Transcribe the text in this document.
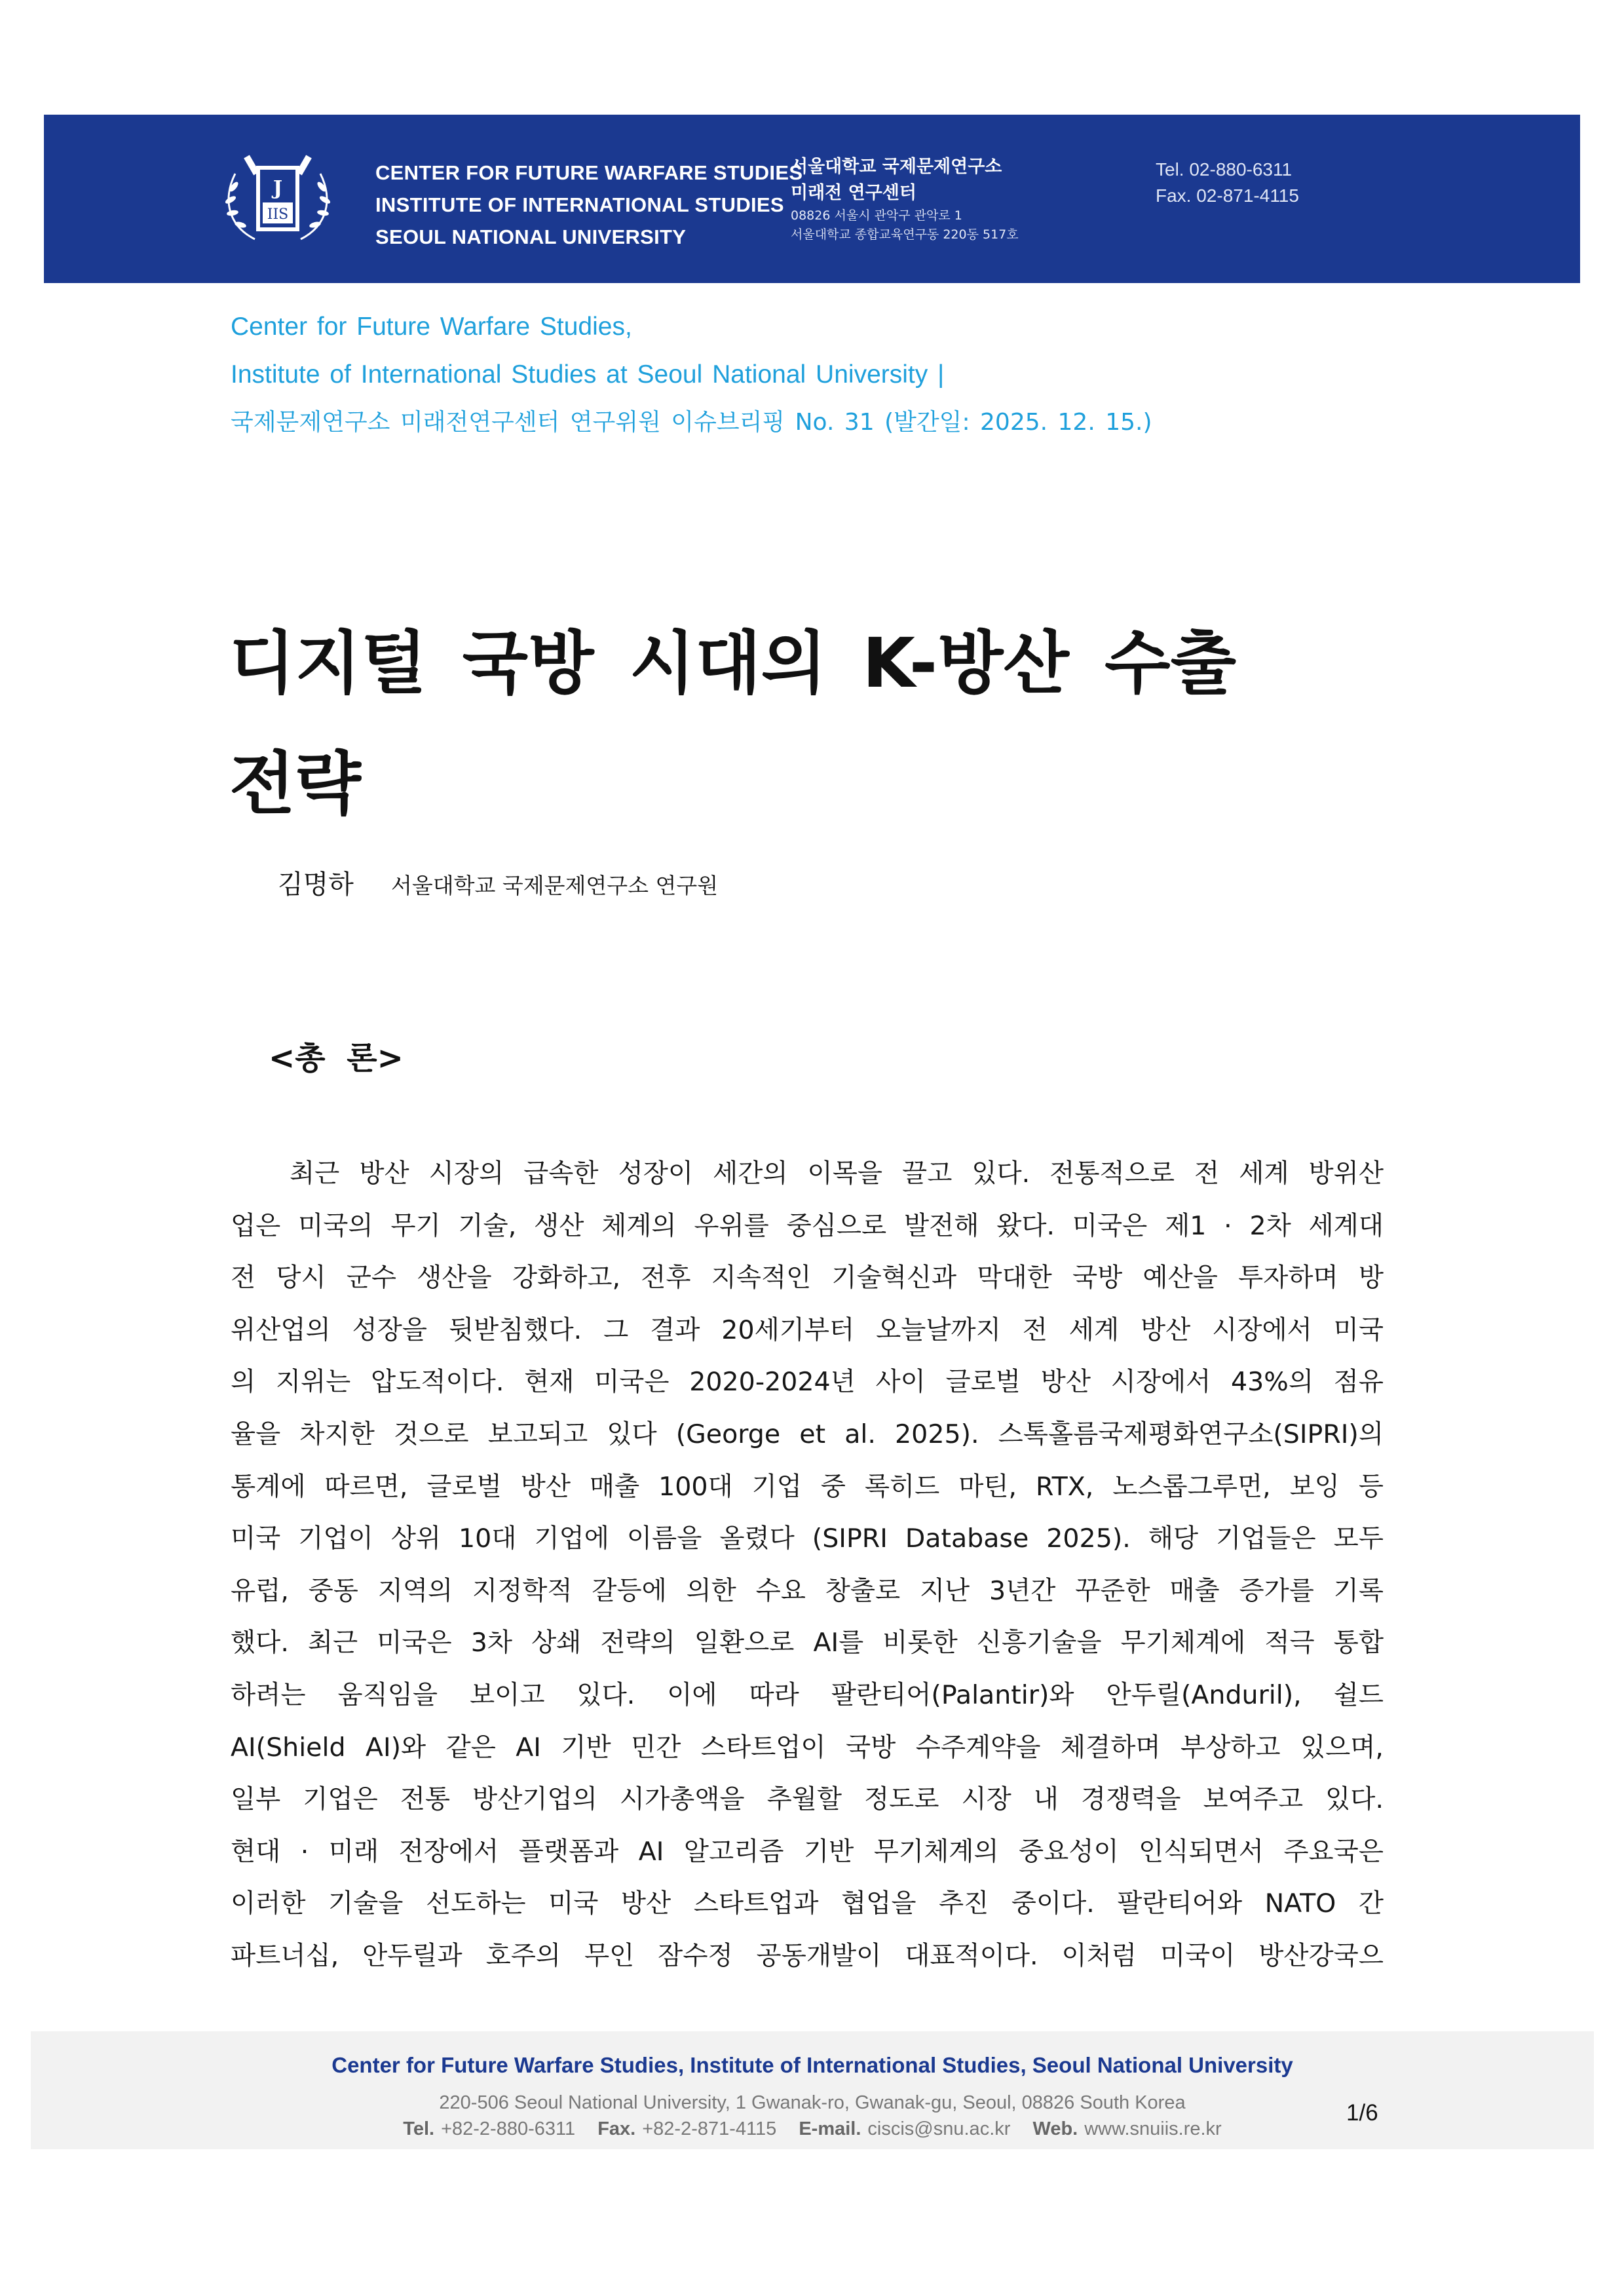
J
IIS
CENTER FOR FUTURE WARFARE STUDIES
INSTITUTE OF INTERNATIONAL STUDIES
SEOUL NATIONAL UNIVERSITY
서울대학교 국제문제연구소
미래전 연구센터
08826 서울시 관악구 관악로 1
서울대학교 종합교육연구동 220동 517호
Tel. 02-880-6311
Fax. 02-871-4115
Center for Future Warfare Studies,
Institute of International Studies at Seoul National University |
국제문제연구소 미래전연구센터 연구위원 이슈브리핑 No. 31 (발간일: 2025. 12. 15.)
디지털 국방 시대의 K-방산 수출
전략
김명하 서울대학교 국제문제연구소 연구원
<총 론>
최근 방산 시장의 급속한 성장이 세간의 이목을 끌고 있다. 전통적으로 전 세계 방위산
업은 미국의 무기 기술, 생산 체계의 우위를 중심으로 발전해 왔다. 미국은 제1 · 2차 세계대
전 당시 군수 생산을 강화하고, 전후 지속적인 기술혁신과 막대한 국방 예산을 투자하며 방
위산업의 성장을 뒷받침했다. 그 결과 20세기부터 오늘날까지 전 세계 방산 시장에서 미국
의 지위는 압도적이다. 현재 미국은 2020-2024년 사이 글로벌 방산 시장에서 43%의 점유
율을 차지한 것으로 보고되고 있다 (George et al. 2025). 스톡홀름국제평화연구소(SIPRI)의
통계에 따르면, 글로벌 방산 매출 100대 기업 중 록히드 마틴, RTX, 노스롭그루먼, 보잉 등
미국 기업이 상위 10대 기업에 이름을 올렸다 (SIPRI Database 2025). 해당 기업들은 모두
유럽, 중동 지역의 지정학적 갈등에 의한 수요 창출로 지난 3년간 꾸준한 매출 증가를 기록
했다. 최근 미국은 3차 상쇄 전략의 일환으로 AI를 비롯한 신흥기술을 무기체계에 적극 통합
하려는 움직임을 보이고 있다. 이에 따라 팔란티어(Palantir)와 안두릴(Anduril), 쉴드
AI(Shield AI)와 같은 AI 기반 민간 스타트업이 국방 수주계약을 체결하며 부상하고 있으며,
일부 기업은 전통 방산기업의 시가총액을 추월할 정도로 시장 내 경쟁력을 보여주고 있다.
현대 · 미래 전장에서 플랫폼과 AI 알고리즘 기반 무기체계의 중요성이 인식되면서 주요국은
이러한 기술을 선도하는 미국 방산 스타트업과 협업을 추진 중이다. 팔란티어와 NATO 간
파트너십, 안두릴과 호주의 무인 잠수정 공동개발이 대표적이다. 이처럼 미국이 방산강국으
Center for Future Warfare Studies, Institute of International Studies, Seoul National University
220-506 Seoul National University, 1 Gwanak-ro, Gwanak-gu, Seoul, 08826 South Korea
Tel. +82-2-880-6311 Fax. +82-2-871-4115 E-mail. ciscis@snu.ac.kr Web. www.snuiis.re.kr
1/6
